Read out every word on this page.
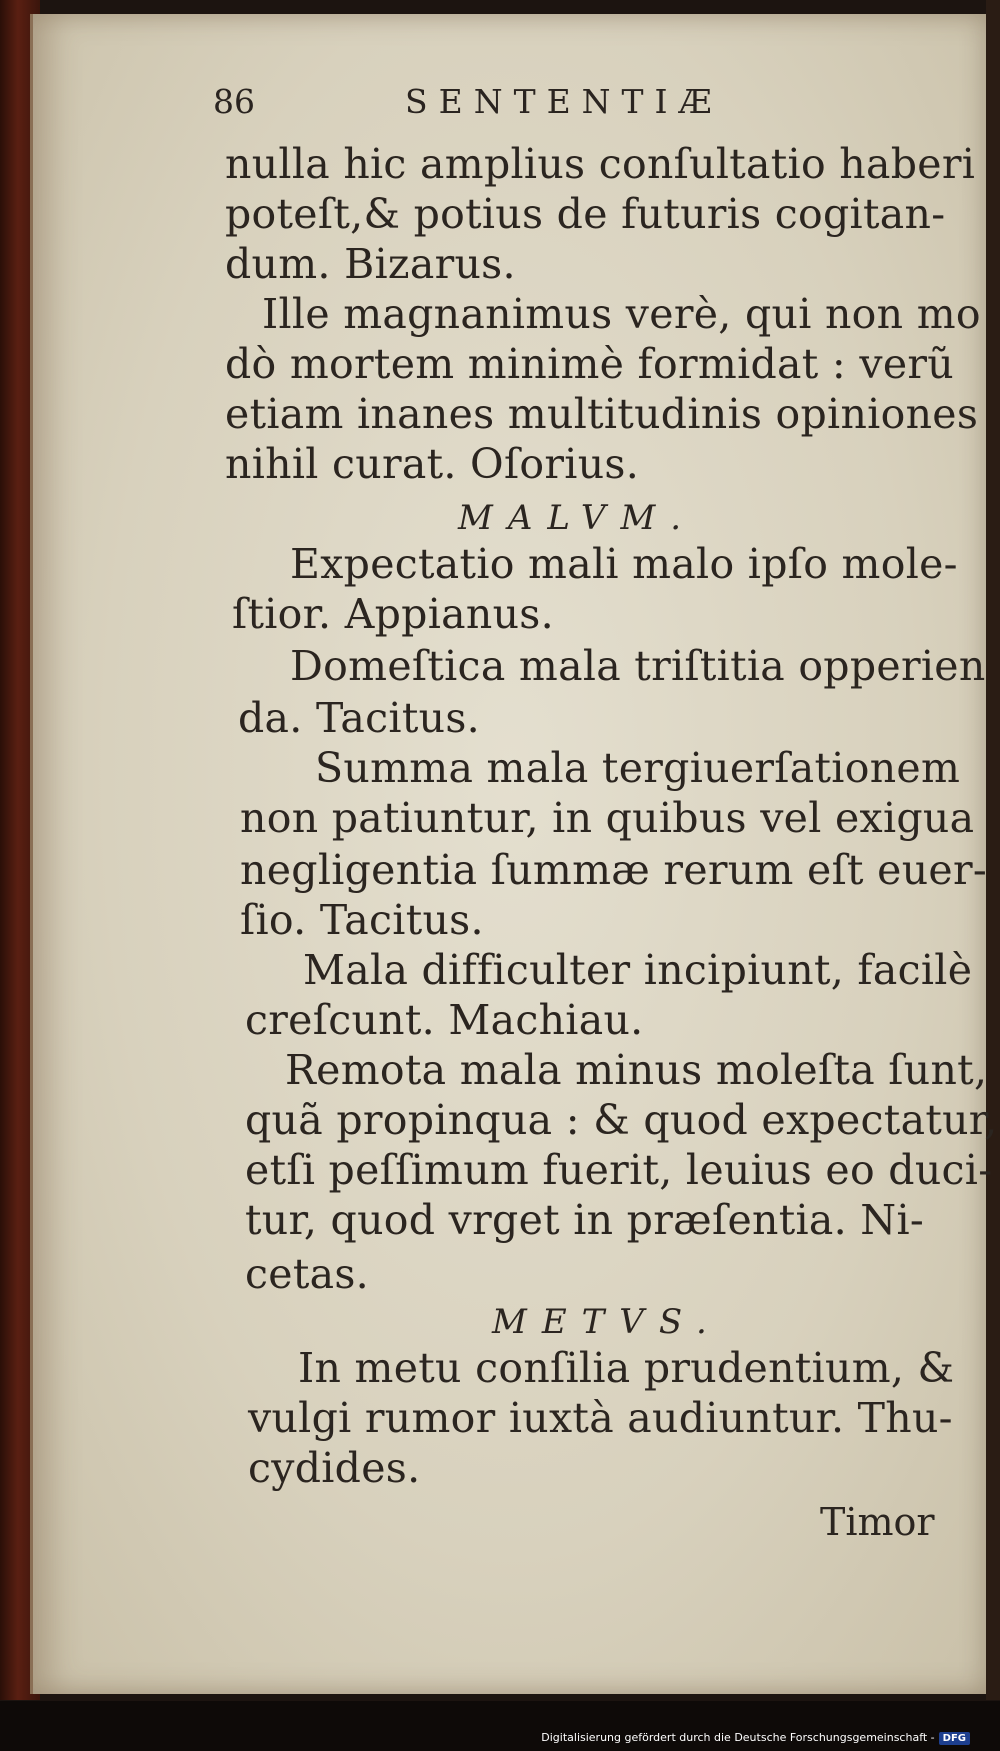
86	SENTENTIÆ
nulla hic amplius conſultatio haberi
poteſt,& potius de futuris cogitan-
dum. Bizarus.
Ille magnanimus verè, qui non mo
dò mortem minimè formidat : verũ
etiam inanes multitudinis opiniones
nihil curat. Oſorius.
MALVM.
Expectatio mali malo ipſo mole-
ſtior. Appianus.
Domeſtica mala triſtitia opperien
da. Tacitus.
Summa mala tergiuerſationem
non patiuntur, in quibus vel exigua
negligentia ſummæ rerum eſt euer-
ſio. Tacitus.
Mala difficulter incipiunt, facilè
creſcunt. Machiau.
Remota mala minus moleſta ſunt,
quã propinqua : & quod expectatur,
etſi peſſimum fuerit, leuius eo duci-
tur, quod vrget in præſentia. Ni-
cetas.
METVS.
In metu conſilia prudentium, &
vulgi rumor iuxtà audiuntur. Thu-
cydides.
Timor
Digitalisierung gefördert durch die Deutsche Forschungsgemeinschaft - DFG
